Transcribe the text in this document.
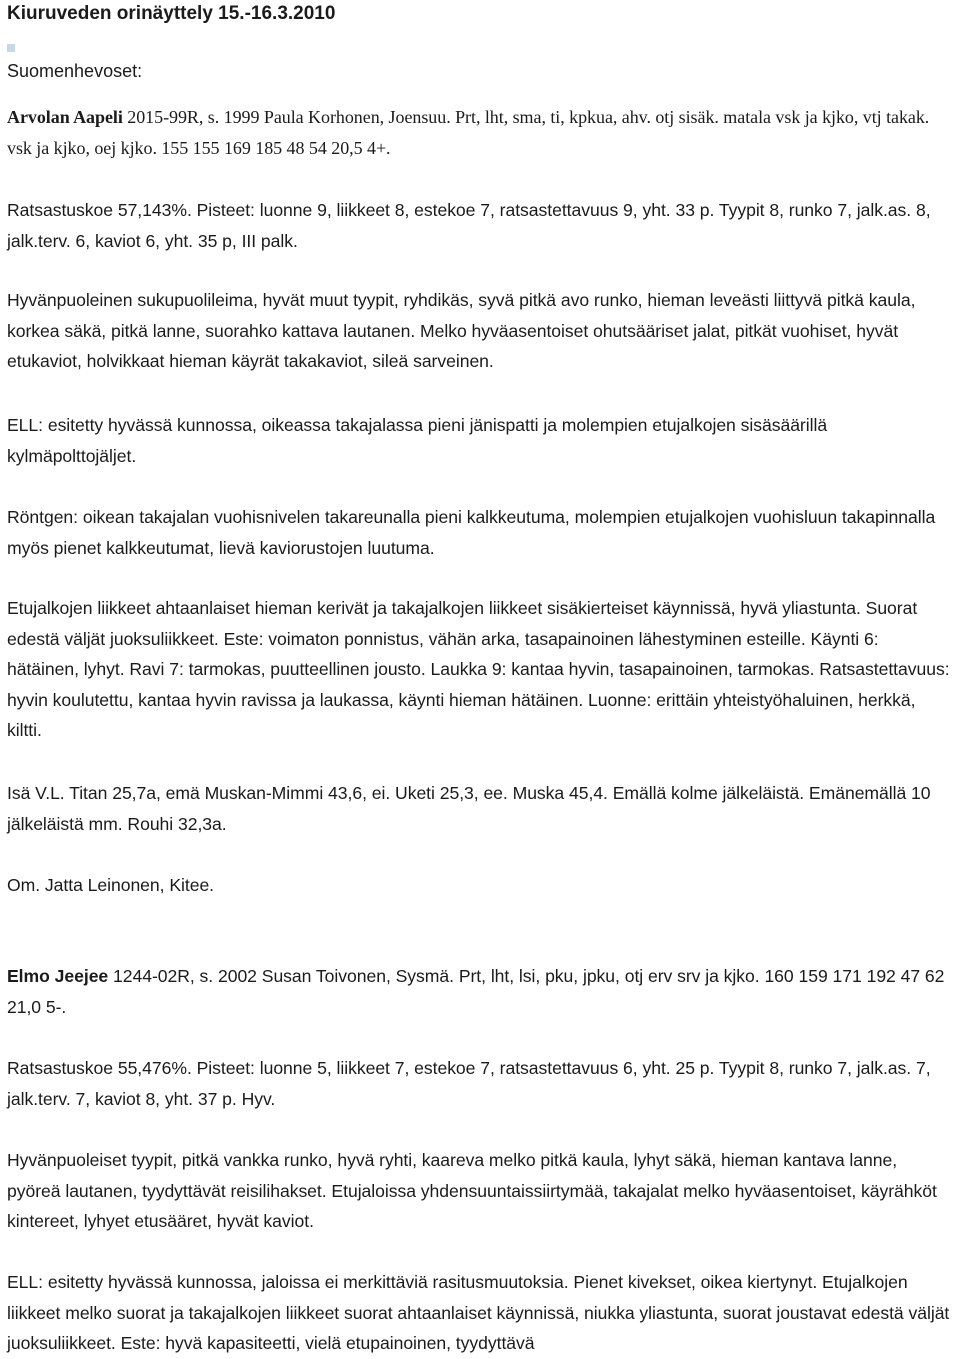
Kiuruveden orinäyttely 15.-16.3.2010
Suomenhevoset:

Arvolan Aapeli 2015-99R, s. 1999 Paula Korhonen, Joensuu. Prt, lht, sma, ti, kpkua, ahv. otj sisäk. matala vsk ja kjko, vtj takak. vsk ja kjko, oej kjko. 155 155 169 185 48 54 20,5 4+.

Ratsastuskoe 57,143%. Pisteet: luonne 9, liikkeet 8, estekoe 7, ratsastettavuus 9, yht. 33 p. Tyypit 8, runko 7, jalk.as. 8, jalk.terv. 6, kaviot 6, yht. 35 p, III palk.

Hyvänpuoleinen sukupuolileima, hyvät muut tyypit, ryhdikäs, syvä pitkä avo runko, hieman leveästi liittyvä pitkä kaula, korkea säkä, pitkä lanne, suorahko kattava lautanen. Melko hyväasentoiset ohutsääriset jalat, pitkät vuohiset, hyvät etukaviot, holvikkaat hieman käyrät takakaviot, sileä sarveinen.

ELL: esitetty hyvässä kunnossa, oikeassa takajalassa pieni jänispatti ja molempien etujalkojen sisäsäärillä kylmäpolttojäljet.

Röntgen: oikean takajalan vuohisnivelen takareunalla pieni kalkkeutuma, molempien etujalkojen vuohisluun takapinnalla myös pienet kalkkeutumat, lievä kaviorustojen luutuma.

Etujalkojen liikkeet ahtaanlaiset hieman kerivät ja takajalkojen liikkeet sisäkierteiset käynnissä, hyvä yliastunta. Suorat edestä väljät juoksuliikkeet. Este: voimaton ponnistus, vähän arka, tasapainoinen lähestyminen esteille. Käynti 6: hätäinen, lyhyt. Ravi 7: tarmokas, puutteellinen jousto. Laukka 9: kantaa hyvin, tasapainoinen, tarmokas. Ratsastettavuus: hyvin koulutettu, kantaa hyvin ravissa ja laukassa, käynti hieman hätäinen. Luonne: erittäin yhteistyöhaluinen, herkkä, kiltti.

Isä V.L. Titan 25,7a, emä Muskan-Mimmi 43,6, ei. Uketi 25,3, ee. Muska 45,4. Emällä kolme jälkeläistä. Emänemällä 10 jälkeläistä mm. Rouhi 32,3a.

Om. Jatta Leinonen, Kitee.

Elmo Jeejee 1244-02R, s. 2002 Susan Toivonen, Sysmä. Prt, lht, lsi, pku, jpku, otj erv srv ja kjko. 160 159 171 192 47 62 21,0 5-.

Ratsastuskoe 55,476%. Pisteet: luonne 5, liikkeet 7, estekoe 7, ratsastettavuus 6, yht. 25 p. Tyypit 8, runko 7, jalk.as. 7, jalk.terv. 7, kaviot 8, yht. 37 p. Hyv.

Hyvänpuoleiset tyypit, pitkä vankka runko, hyvä ryhti, kaareva melko pitkä kaula, lyhyt säkä, hieman kantava lanne, pyöreä lautanen, tyydyttävät reisilihakset. Etujaloissa yhdensuuntaissiirtymää, takajalat melko hyväasentoiset, käyrähköt kintereet, lyhyet etusääret, hyvät kaviot.

ELL: esitetty hyvässä kunnossa, jaloissa ei merkittäviä rasitusmuutoksia. Pienet kivekset, oikea kiertynyt. Etujalkojen liikkeet melko suorat ja takajalkojen liikkeet suorat ahtaanlaiset käynnissä, niukka yliastunta, suorat joustavat edestä väljät juoksuliikkeet. Este: hyvä kapasiteetti, vielä etupainoinen, tyydyttävä
